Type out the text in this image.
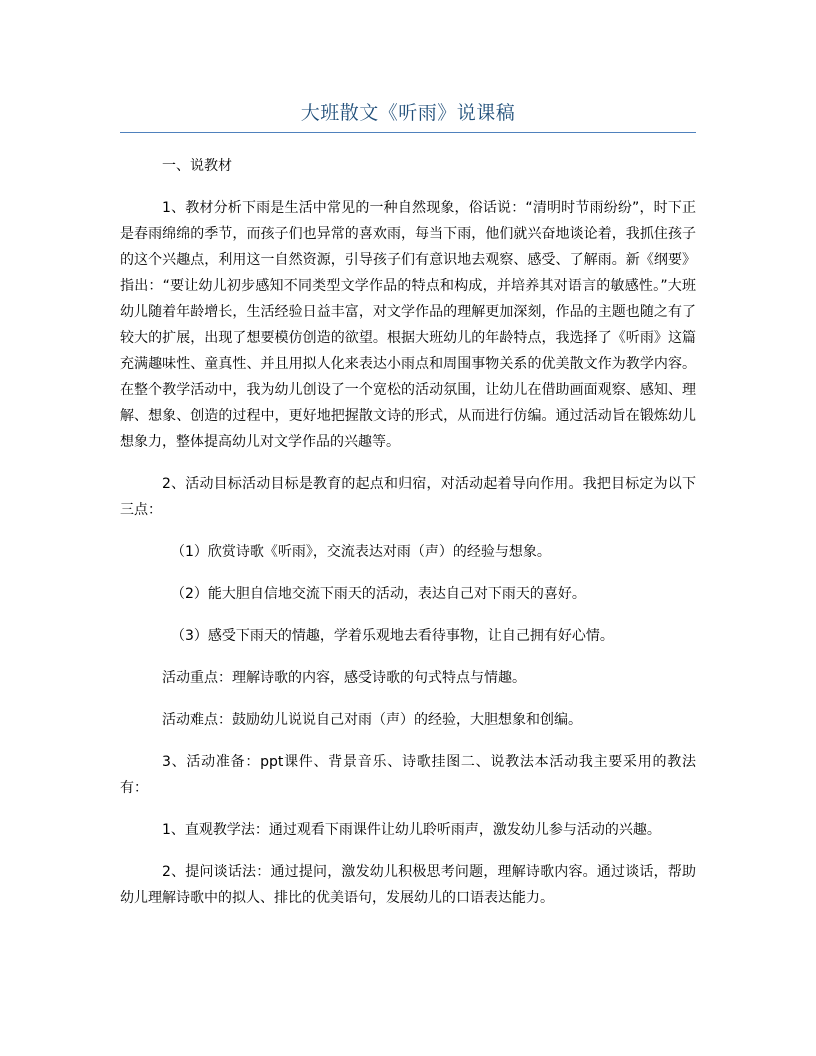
大班散文《听雨》说课稿

一、说教材

1、教材分析下雨是生活中常见的一种自然现象，俗话说：“清明时节雨纷纷”，时下正是春雨绵绵的季节，而孩子们也异常的喜欢雨，每当下雨，他们就兴奋地谈论着，我抓住孩子的这个兴趣点，利用这一自然资源，引导孩子们有意识地去观察、感受、了解雨。新《纲要》指出：“要让幼儿初步感知不同类型文学作品的特点和构成，并培养其对语言的敏感性。”大班幼儿随着年龄增长，生活经验日益丰富，对文学作品的理解更加深刻，作品的主题也随之有了较大的扩展，出现了想要模仿创造的欲望。根据大班幼儿的年龄特点，我选择了《听雨》这篇充满趣味性、童真性、并且用拟人化来表达小雨点和周围事物关系的优美散文作为教学内容。在整个教学活动中，我为幼儿创设了一个宽松的活动氛围，让幼儿在借助画面观察、感知、理解、想象、创造的过程中，更好地把握散文诗的形式，从而进行仿编。通过活动旨在锻炼幼儿想象力，整体提高幼儿对文学作品的兴趣等。

2、活动目标活动目标是教育的起点和归宿，对活动起着导向作用。我把目标定为以下三点：

（1）欣赏诗歌《听雨》，交流表达对雨（声）的经验与想象。

（2）能大胆自信地交流下雨天的活动，表达自己对下雨天的喜好。

（3）感受下雨天的情趣，学着乐观地去看待事物，让自己拥有好心情。

活动重点：理解诗歌的内容，感受诗歌的句式特点与情趣。

活动难点：鼓励幼儿说说自己对雨（声）的经验，大胆想象和创编。

3、活动准备：ppt课件、背景音乐、诗歌挂图二、说教法本活动我主要采用的教法有：

1、直观教学法：通过观看下雨课件让幼儿聆听雨声，激发幼儿参与活动的兴趣。

2、提问谈话法：通过提问，激发幼儿积极思考问题，理解诗歌内容。通过谈话，帮助幼儿理解诗歌中的拟人、排比的优美语句，发展幼儿的口语表达能力。
